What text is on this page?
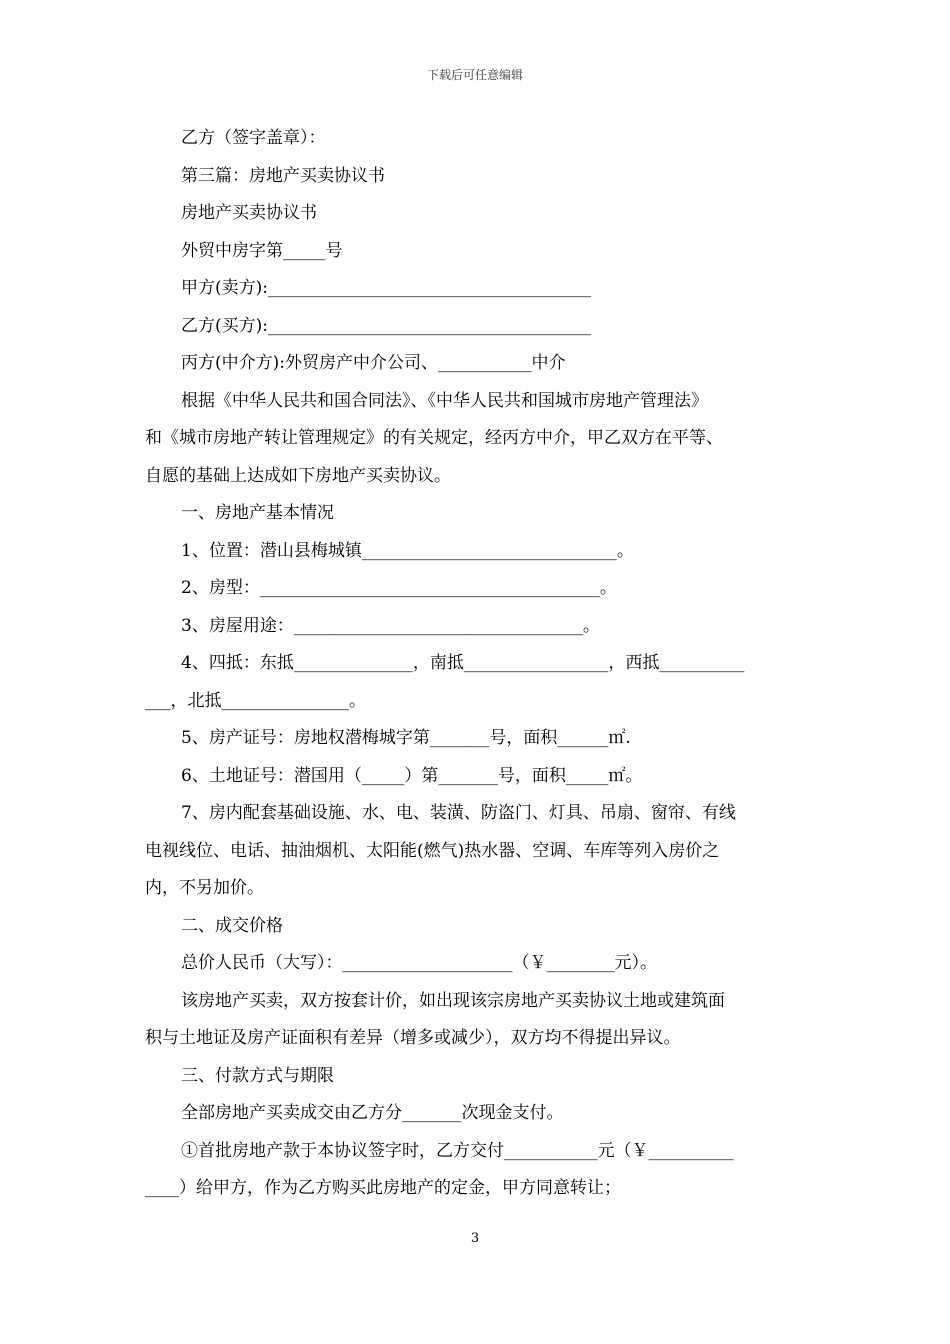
下载后可任意编辑

乙方（签字盖章）：

第三篇：房地产买卖协议书

房地产买卖协议书

外贸中房字第_____号

甲方(卖方):______________________________________

乙方(买方):______________________________________

丙方(中介方):外贸房产中介公司、___________中介

根据《中华人民共和国合同法》、《中华人民共和国城市房地产管理法》

和《城市房地产转让管理规定》的有关规定，经丙方中介，甲乙双方在平等、

自愿的基础上达成如下房地产买卖协议。

一、房地产基本情况

1、位置：潜山县梅城镇______________________________。

2、房型：________________________________________。

3、房屋用途：__________________________________。

4、四抵：东抵______________，南抵_________________，西抵__________

___，北抵_______________。

5、房产证号：房地权潜梅城字第_______号，面积______㎡.

6、土地证号：潜国用（_____）第_______号，面积_____㎡。

7、房内配套基础设施、水、电、装潢、防盗门、灯具、吊扇、窗帘、有线

电视线位、电话、抽油烟机、太阳能(燃气)热水器、空调、车库等列入房价之

内，不另加价。

二、成交价格

总价人民币（大写）：____________________（￥________元）。

该房地产买卖，双方按套计价，如出现该宗房地产买卖协议土地或建筑面

积与土地证及房产证面积有差异（增多或减少），双方均不得提出异议。

三、付款方式与期限

全部房地产买卖成交由乙方分_______次现金支付。

①首批房地产款于本协议签字时，乙方交付___________元（￥__________

____）给甲方，作为乙方购买此房地产的定金，甲方同意转让；

3
